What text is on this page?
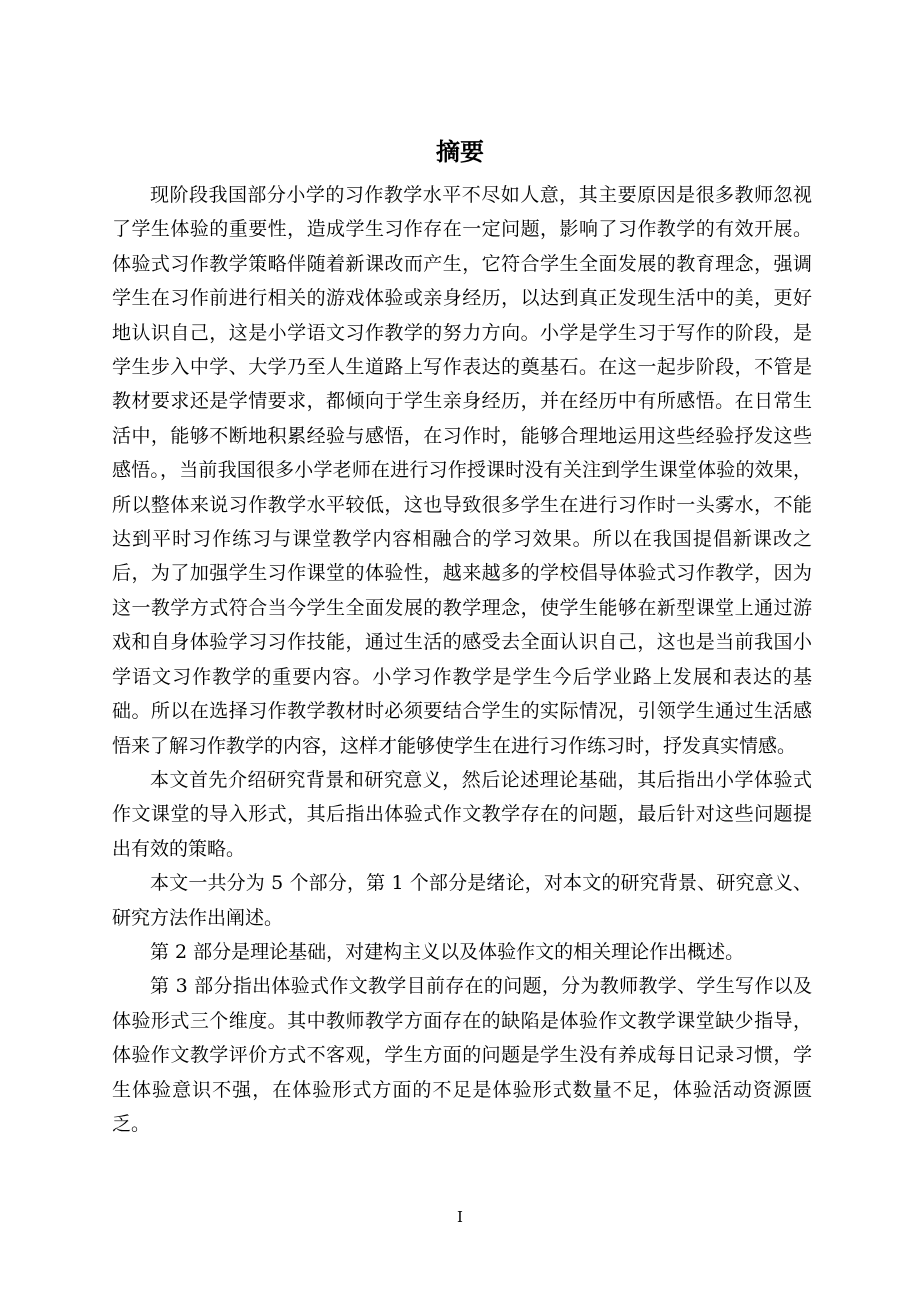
摘要

现阶段我国部分小学的习作教学水平不尽如人意，其主要原因是很多教师忽视了学生体验的重要性，造成学生习作存在一定问题，影响了习作教学的有效开展。体验式习作教学策略伴随着新课改而产生，它符合学生全面发展的教育理念，强调学生在习作前进行相关的游戏体验或亲身经历，以达到真正发现生活中的美，更好地认识自己，这是小学语文习作教学的努力方向。小学是学生习于写作的阶段，是学生步入中学、大学乃至人生道路上写作表达的奠基石。在这一起步阶段，不管是教材要求还是学情要求，都倾向于学生亲身经历，并在经历中有所感悟。在日常生活中，能够不断地积累经验与感悟，在习作时，能够合理地运用这些经验抒发这些感悟。，当前我国很多小学老师在进行习作授课时没有关注到学生课堂体验的效果，所以整体来说习作教学水平较低，这也导致很多学生在进行习作时一头雾水，不能达到平时习作练习与课堂教学内容相融合的学习效果。所以在我国提倡新课改之后，为了加强学生习作课堂的体验性，越来越多的学校倡导体验式习作教学，因为这一教学方式符合当今学生全面发展的教学理念，使学生能够在新型课堂上通过游戏和自身体验学习习作技能，通过生活的感受去全面认识自己，这也是当前我国小学语文习作教学的重要内容。小学习作教学是学生今后学业路上发展和表达的基础。所以在选择习作教学教材时必须要结合学生的实际情况，引领学生通过生活感悟来了解习作教学的内容，这样才能够使学生在进行习作练习时，抒发真实情感。

本文首先介绍研究背景和研究意义，然后论述理论基础，其后指出小学体验式作文课堂的导入形式，其后指出体验式作文教学存在的问题，最后针对这些问题提出有效的策略。

本文一共分为 5 个部分，第 1 个部分是绪论，对本文的研究背景、研究意义、研究方法作出阐述。

第 2 部分是理论基础，对建构主义以及体验作文的相关理论作出概述。

第 3 部分指出体验式作文教学目前存在的问题，分为教师教学、学生写作以及体验形式三个维度。其中教师教学方面存在的缺陷是体验作文教学课堂缺少指导，体验作文教学评价方式不客观，学生方面的问题是学生没有养成每日记录习惯，学生体验意识不强，在体验形式方面的不足是体验形式数量不足，体验活动资源匮乏。

I
